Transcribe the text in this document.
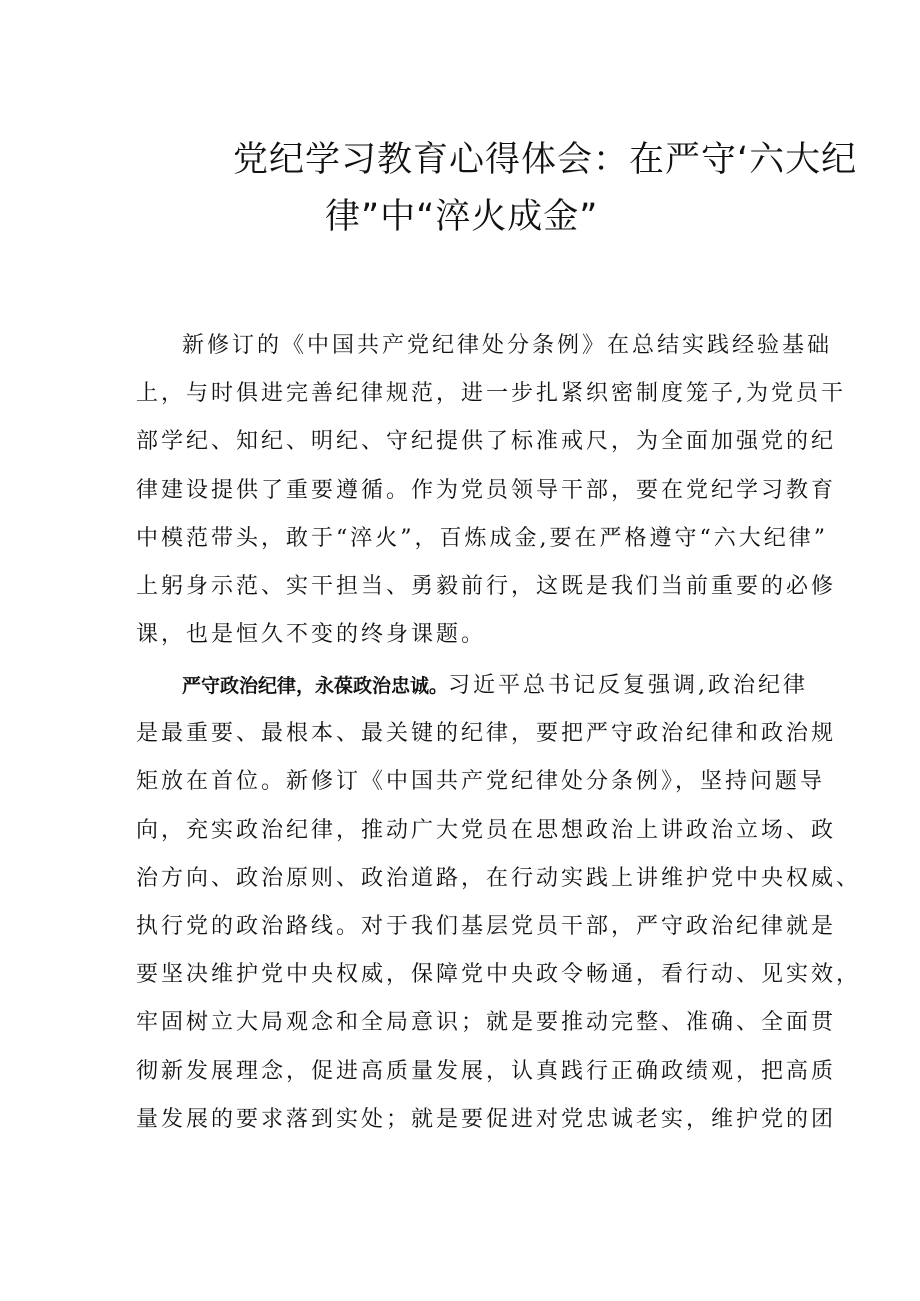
党纪学习教育心得体会：在严守‘六大纪
律”中“淬火成金”
新修订的《中国共产党纪律处分条例》在总结实践经验基础
上，与时俱进完善纪律规范，进一步扎紧织密制度笼子,为党员干
部学纪、知纪、明纪、守纪提供了标准戒尺，为全面加强党的纪
律建设提供了重要遵循。作为党员领导干部，要在党纪学习教育
中模范带头，敢于“淬火”，百炼成金,要在严格遵守“六大纪律”
上躬身示范、实干担当、勇毅前行，这既是我们当前重要的必修
课，也是恒久不变的终身课题。
严守政治纪律，永葆政治忠诚。习近平总书记反复强调,政治纪律
是最重要、最根本、最关键的纪律，要把严守政治纪律和政治规
矩放在首位。新修订《中国共产党纪律处分条例》，坚持问题导
向，充实政治纪律，推动广大党员在思想政治上讲政治立场、政
治方向、政治原则、政治道路，在行动实践上讲维护党中央权威、
执行党的政治路线。对于我们基层党员干部，严守政治纪律就是
要坚决维护党中央权威，保障党中央政令畅通，看行动、见实效，
牢固树立大局观念和全局意识；就是要推动完整、准确、全面贯
彻新发展理念，促进高质量发展，认真践行正确政绩观，把高质
量发展的要求落到实处；就是要促进对党忠诚老实，维护党的团
